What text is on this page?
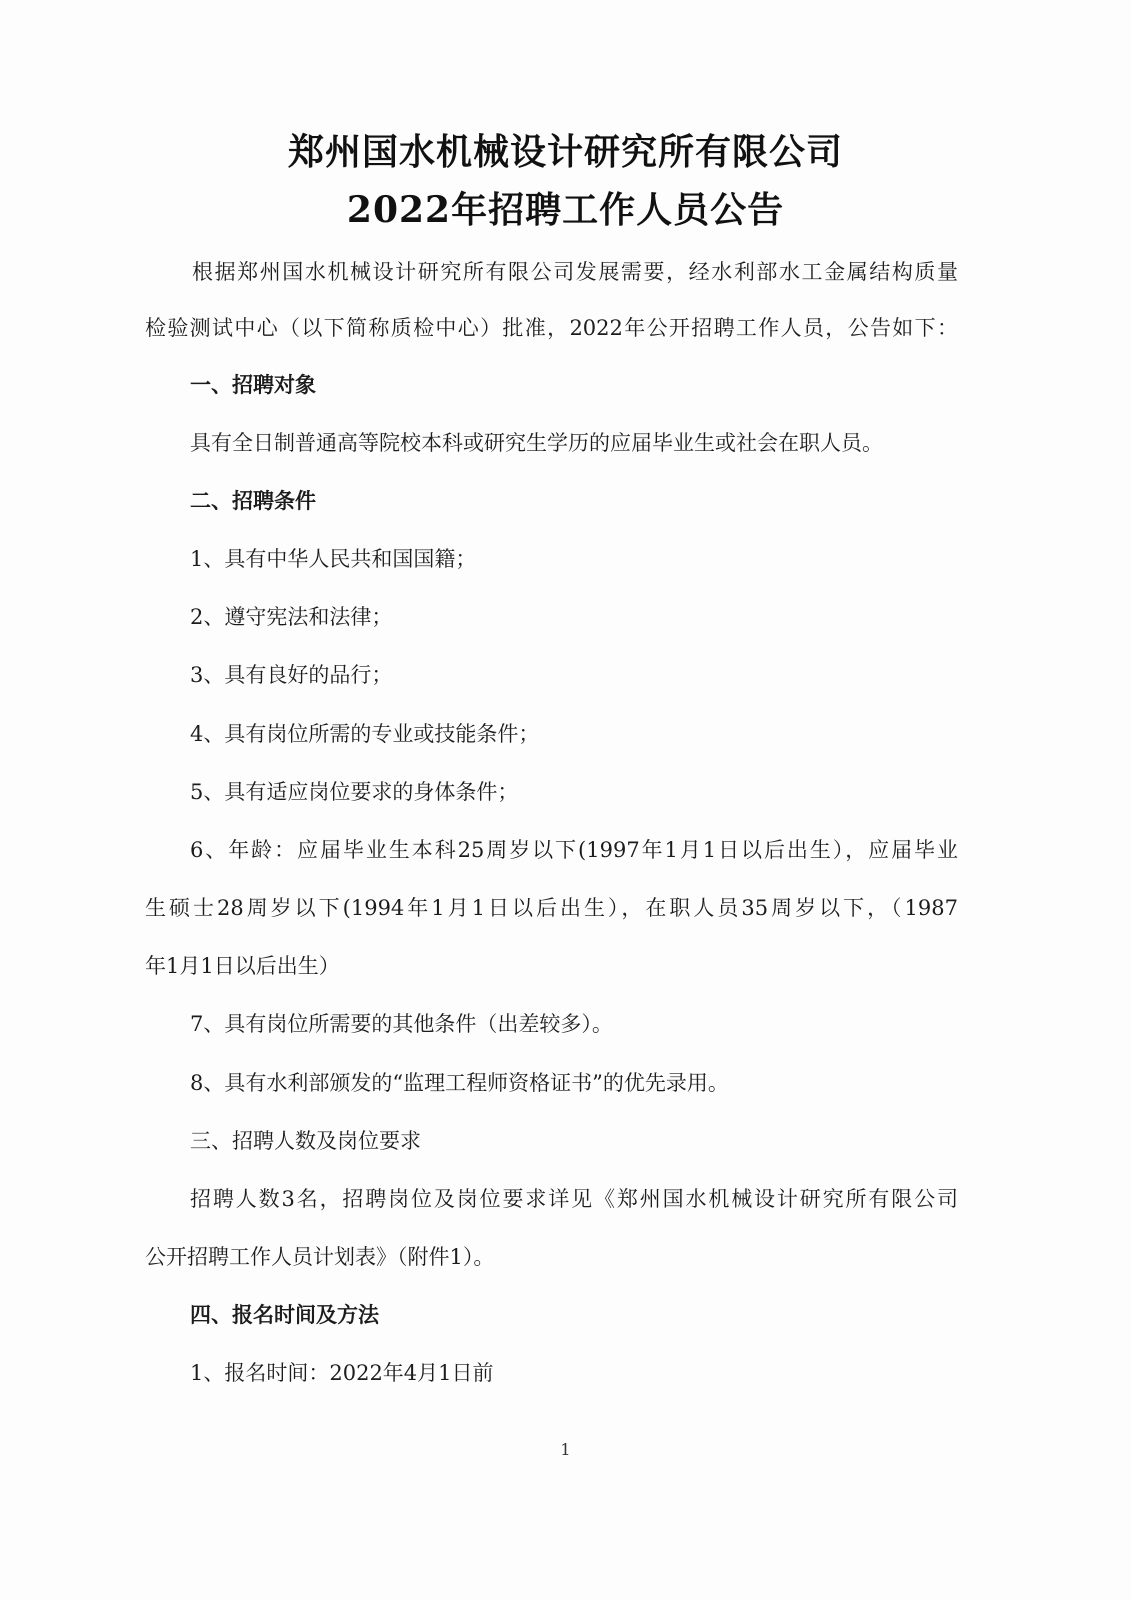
郑州国水机械设计研究所有限公司
2022年招聘工作人员公告
根据郑州国水机械设计研究所有限公司发展需要，经水利部水工金属结构质量
检验测试中心（以下简称质检中心）批准，2022年公开招聘工作人员，公告如下：
一、招聘对象
具有全日制普通高等院校本科或研究生学历的应届毕业生或社会在职人员。
二、招聘条件
1、具有中华人民共和国国籍；
2、遵守宪法和法律；
3、具有良好的品行；
4、具有岗位所需的专业或技能条件；
5、具有适应岗位要求的身体条件；
6、年龄：应届毕业生本科25周岁以下(1997年1月1日以后出生），应届毕业
生硕士28周岁以下(1994年1月1日以后出生），在职人员35周岁以下，（1987
年1月1日以后出生）
7、具有岗位所需要的其他条件（出差较多）。
8、具有水利部颁发的“监理工程师资格证书”的优先录用。
三、招聘人数及岗位要求
招聘人数3名，招聘岗位及岗位要求详见《郑州国水机械设计研究所有限公司
公开招聘工作人员计划表》（附件1）。
四、报名时间及方法
1、报名时间：2022年4月1日前
1
